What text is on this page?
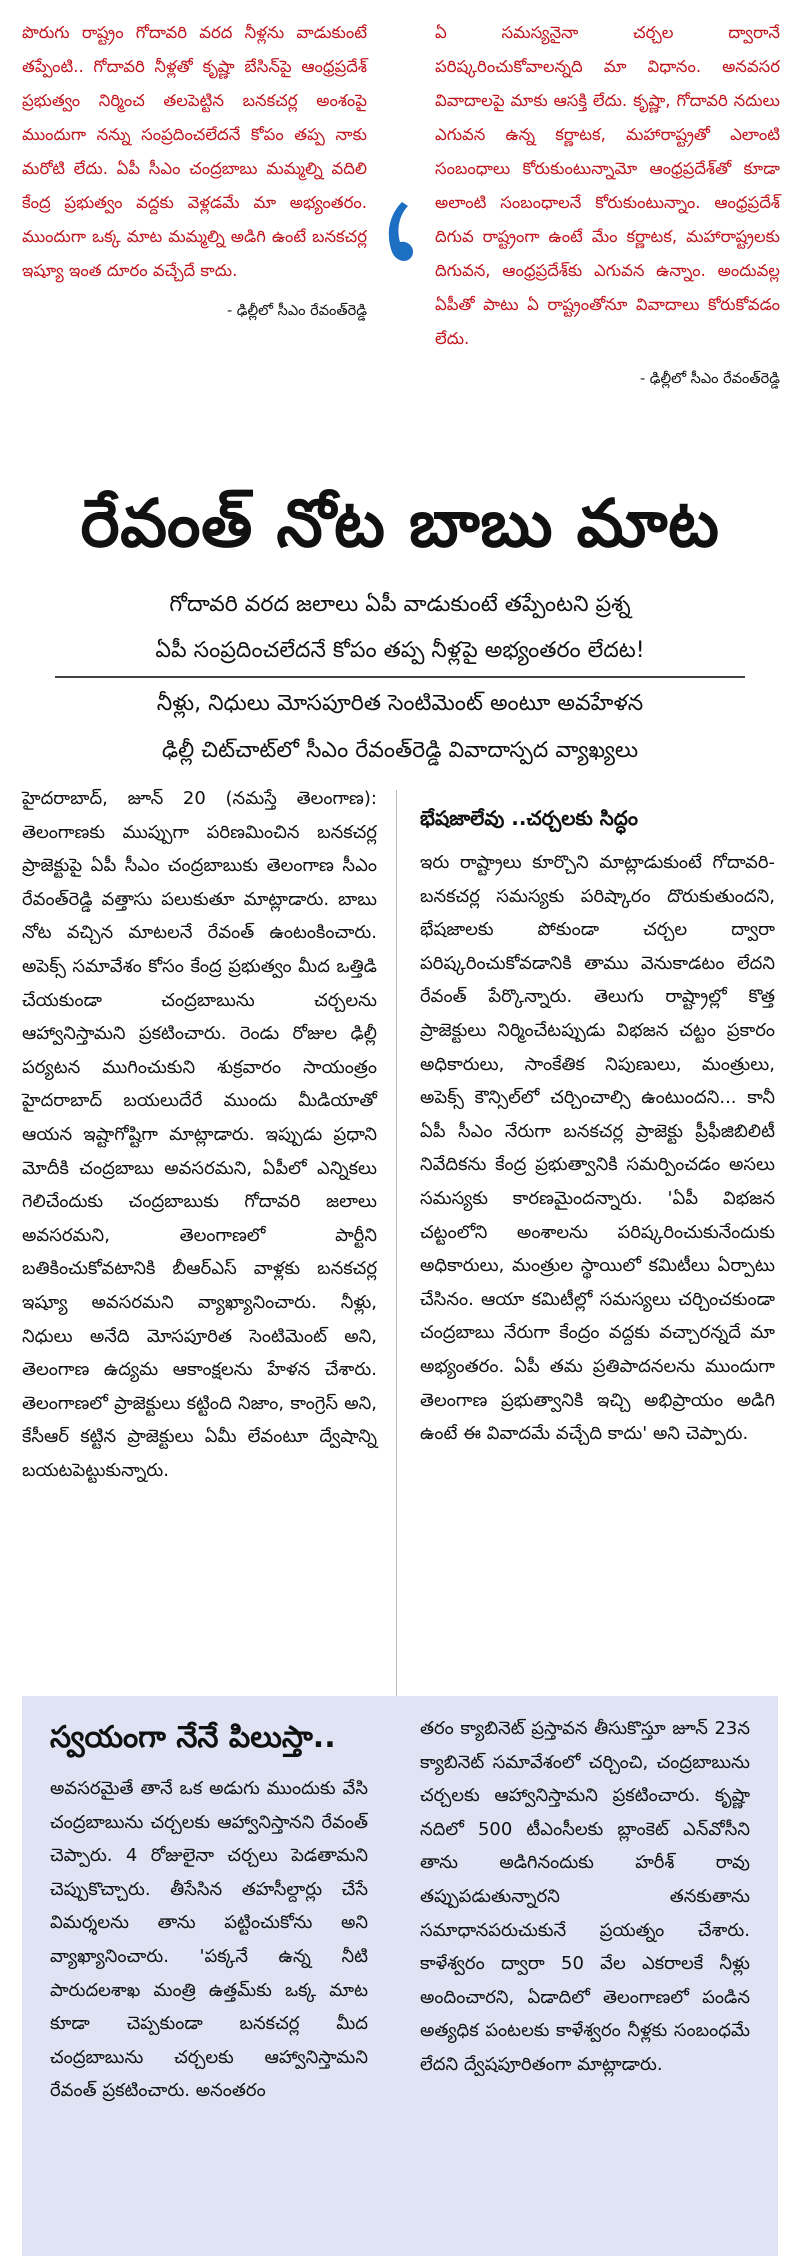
పొరుగు రాష్ట్రం గోదావరి వరద నీళ్లను వాడుకుంటే తప్పేంటి.. గోదావరి నీళ్లతో కృష్ణా బేసిన్‌పై ఆంధ్రప్రదేశ్ ప్రభుత్వం నిర్మించ తలపెట్టిన బనకచర్ల అంశంపై ముందుగా నన్ను సంప్రదించలేదనే కోపం తప్ప నాకు మరోటి లేదు. ఏపీ సీఎం చంద్రబాబు మమ్మల్ని వదిలి కేంద్ర ప్రభుత్వం వద్దకు వెళ్లడమే మా అభ్యంతరం. ముందుగా ఒక్క మాట మమ్మల్ని అడిగి ఉంటే బనకచర్ల ఇష్యూ ఇంత దూరం వచ్చేదే కాదు.
- ఢిల్లీలో సీఎం రేవంత్‌రెడ్డి
ఏ సమస్యనైనా చర్చల ద్వారానే పరిష్కరించుకోవాలన్నది మా విధానం. అనవసర వివాదాలపై మాకు ఆసక్తి లేదు. కృష్ణా, గోదావరి నదులు ఎగువన ఉన్న కర్ణాటక, మహారాష్ట్రతో ఎలాంటి సంబంధాలు కోరుకుంటున్నామో ఆంధ్రప్రదేశ్‌తో కూడా అలాంటి సంబంధాలనే కోరుకుంటున్నాం. ఆంధ్రప్రదేశ్ దిగువ రాష్ట్రంగా ఉంటే మేం కర్ణాటక, మహారాష్ట్రలకు దిగువన, ఆంధ్రప్రదేశ్‌కు ఎగువన ఉన్నాం. అందువల్ల ఏపీతో పాటు ఏ రాష్ట్రంతోనూ వివాదాలు కోరుకోవడం లేదు.
- ఢిల్లీలో సీఎం రేవంత్‌రెడ్డి
రేవంత్ నోట బాబు మాట
గోదావరి వరద జలాలు ఏపీ వాడుకుంటే తప్పేంటని ప్రశ్న
ఏపీ సంప్రదించలేదనే కోపం తప్ప నీళ్లపై అభ్యంతరం లేదట!
నీళ్లు, నిధులు మోసపూరిత సెంటిమెంట్ అంటూ అవహేళన
ఢిల్లీ చిట్‌చాట్‌లో సీఎం రేవంత్‌రెడ్డి వివాదాస్పద వ్యాఖ్యలు
హైదరాబాద్, జూన్ 20 (నమస్తే తెలంగాణ): తెలంగాణకు ముప్పుగా పరిణమించిన బనకచర్ల ప్రాజెక్టుపై ఏపీ సీఎం చంద్రబాబుకు తెలంగాణ సీఎం రేవంత్‌రెడ్డి వత్తాసు పలుకుతూ మాట్లాడారు. బాబు నోట వచ్చిన మాటలనే రేవంత్ ఉంటంకించారు. అపెక్స్ సమావేశం కోసం కేంద్ర ప్రభుత్వం మీద ఒత్తిడి చేయకుండా చంద్రబాబును చర్చలను ఆహ్వానిస్తామని ప్రకటించారు. రెండు రోజుల ఢిల్లీ పర్యటన ముగించుకుని శుక్రవారం సాయంత్రం హైదరాబాద్ బయలుదేరే ముందు మీడియాతో ఆయన ఇష్టాగోష్టిగా మాట్లాడారు. ఇప్పుడు ప్రధాని మోదీకి చంద్రబాబు అవసరమని, ఏపీలో ఎన్నికలు గెలిచేందుకు చంద్రబాబుకు గోదావరి జలాలు అవసరమని, తెలంగాణలో పార్టీని బతికించుకోవటానికి బీఆర్‌ఎస్ వాళ్లకు బనకచర్ల ఇష్యూ అవసరమని వ్యాఖ్యానించారు. నీళ్లు, నిధులు అనేది మోసపూరిత సెంటిమెంట్ అని, తెలంగాణ ఉద్యమ ఆకాంక్షలను హేళన చేశారు. తెలంగాణలో ప్రాజెక్టులు కట్టింది నిజాం, కాంగ్రెస్ అని, కేసీఆర్ కట్టిన ప్రాజెక్టులు ఏమీ లేవంటూ ద్వేషాన్ని బయటపెట్టుకున్నారు.
భేషజాలేవు ..చర్చలకు సిద్ధం
ఇరు రాష్ట్రాలు కూర్చొని మాట్లాడుకుంటే గోదావరి- బనకచర్ల సమస్యకు పరిష్కారం దొరుకుతుందని, భేషజాలకు పోకుండా చర్చల ద్వారా పరిష్కరించుకోవడానికి తాము వెనుకాడటం లేదని రేవంత్ పేర్కొన్నారు. తెలుగు రాష్ట్రాల్లో కొత్త ప్రాజెక్టులు నిర్మించేటప్పుడు విభజన చట్టం ప్రకారం అధికారులు, సాంకేతిక నిపుణులు, మంత్రులు, అపెక్స్ కౌన్సిల్‌లో చర్చించాల్సి ఉంటుందని... కానీ ఏపీ సీఎం నేరుగా బనకచర్ల ప్రాజెక్టు ప్రీఫీజిబిలిటీ నివేదికను కేంద్ర ప్రభుత్వానికి సమర్పించడం అసలు సమస్యకు కారణమైందన్నారు. 'ఏపీ విభజన చట్టంలోని అంశాలను పరిష్కరించుకునేందుకు అధికారులు, మంత్రుల స్థాయిలో కమిటీలు ఏర్పాటు చేసినం. ఆయా కమిటీల్లో సమస్యలు చర్చించకుండా చంద్రబాబు నేరుగా కేంద్రం వద్దకు వచ్చారన్నదే మా అభ్యంతరం. ఏపీ తమ ప్రతిపాదనలను ముందుగా తెలంగాణ ప్రభుత్వానికి ఇచ్చి అభిప్రాయం అడిగి ఉంటే ఈ వివాదమే వచ్చేది కాదు' అని చెప్పారు.
స్వయంగా నేనే పిలుస్తా..
అవసరమైతే తానే ఒక అడుగు ముందుకు వేసి చంద్రబాబును చర్చలకు ఆహ్వానిస్తానని రేవంత్ చెప్పారు. 4 రోజులైనా చర్చలు పెడతామని చెప్పుకొచ్చారు. తీసేసిన తహసీల్దార్లు చేసే విమర్శలను తాను పట్టించుకోను అని వ్యాఖ్యానించారు. 'పక్కనే ఉన్న నీటి పారుదలశాఖ మంత్రి ఉత్తమ్‌కు ఒక్క మాట కూడా చెప్పకుండా బనకచర్ల మీద చంద్రబాబును చర్చలకు ఆహ్వానిస్తామని రేవంత్ ప్రకటించారు. అనంతరం
తరం క్యాబినెట్ ప్రస్తావన తీసుకొస్తూ జూన్ 23న క్యాబినెట్ సమావేశంలో చర్చించి, చంద్రబాబును చర్చలకు ఆహ్వానిస్తామని ప్రకటించారు. కృష్ణా నదిలో 500 టీఎంసీలకు బ్లాంకెట్ ఎన్‌వోసీని తాను అడిగినందుకు హరీశ్ రావు తప్పుపడుతున్నారని తనకుతాను సమాధానపరుచుకునే ప్రయత్నం చేశారు. కాళేశ్వరం ద్వారా 50 వేల ఎకరాలకే నీళ్లు అందించారని, ఏడాదిలో తెలంగాణలో పండిన అత్యధిక పంటలకు కాళేశ్వరం నీళ్లకు సంబంధమే లేదని ద్వేషపూరితంగా మాట్లాడారు.
